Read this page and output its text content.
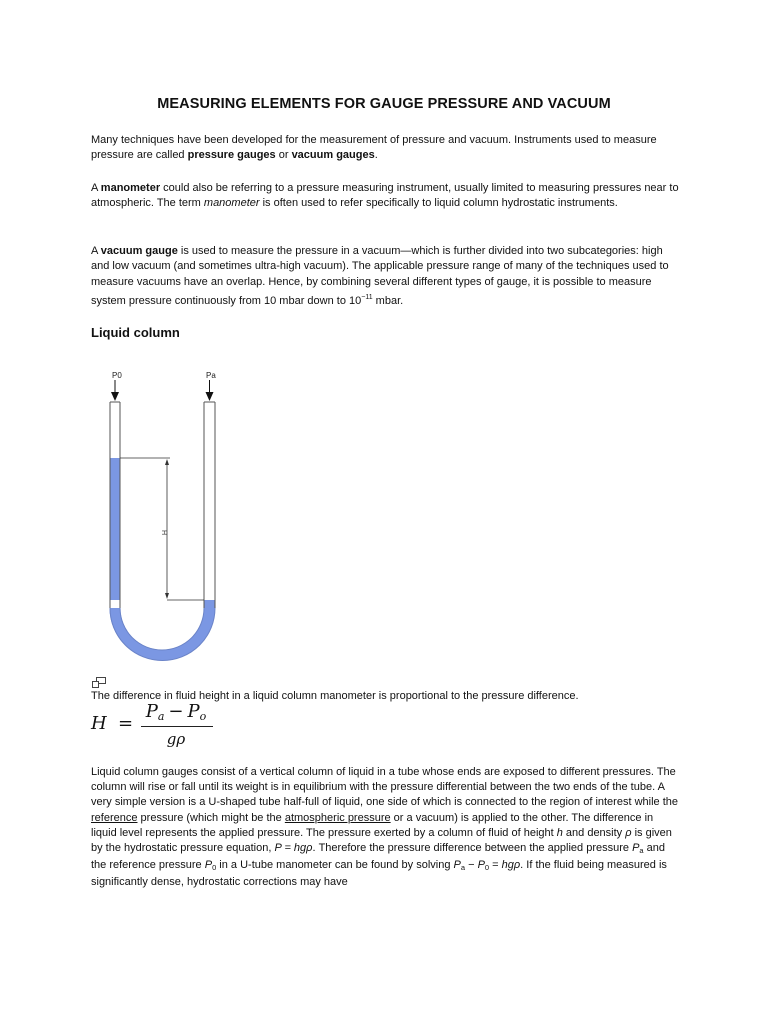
MEASURING ELEMENTS FOR GAUGE PRESSURE AND VACUUM
Many techniques have been developed for the measurement of pressure and vacuum. Instruments used to measure pressure are called pressure gauges or vacuum gauges.
A manometer could also be referring to a pressure measuring instrument, usually limited to measuring pressures near to atmospheric. The term manometer is often used to refer specifically to liquid column hydrostatic instruments.
A vacuum gauge is used to measure the pressure in a vacuum—which is further divided into two subcategories: high and low vacuum (and sometimes ultra-high vacuum). The applicable pressure range of many of the techniques used to measure vacuums have an overlap. Hence, by combining several different types of gauge, it is possible to measure system pressure continuously from 10 mbar down to $10^{-11}$ mbar.
Liquid column
P0	Pa
H
The difference in fluid height in a liquid column manometer is proportional to the pressure difference.
H =
$P_a - P_o$
gρ
Liquid column gauges consist of a vertical column of liquid in a tube whose ends are exposed to different pressures. The column will rise or fall until its weight is in equilibrium with the pressure differential between the two ends of the tube. A very simple version is a U-shaped tube half-full of liquid, one side of which is connected to the region of interest while the reference pressure (which might be the atmospheric pressure or a vacuum) is applied to the other. The difference in liquid level represents the applied pressure. The pressure exerted by a column of fluid of height h and density ρ is given by the hydrostatic pressure equation, P = hgρ. Therefore the pressure difference between the applied pressure $P_a$ and the reference pressure $P_0$ in a U-tube manometer can be found by solving $P_a - P_0 = hg\rho$. If the fluid being measured is significantly dense, hydrostatic corrections may have
